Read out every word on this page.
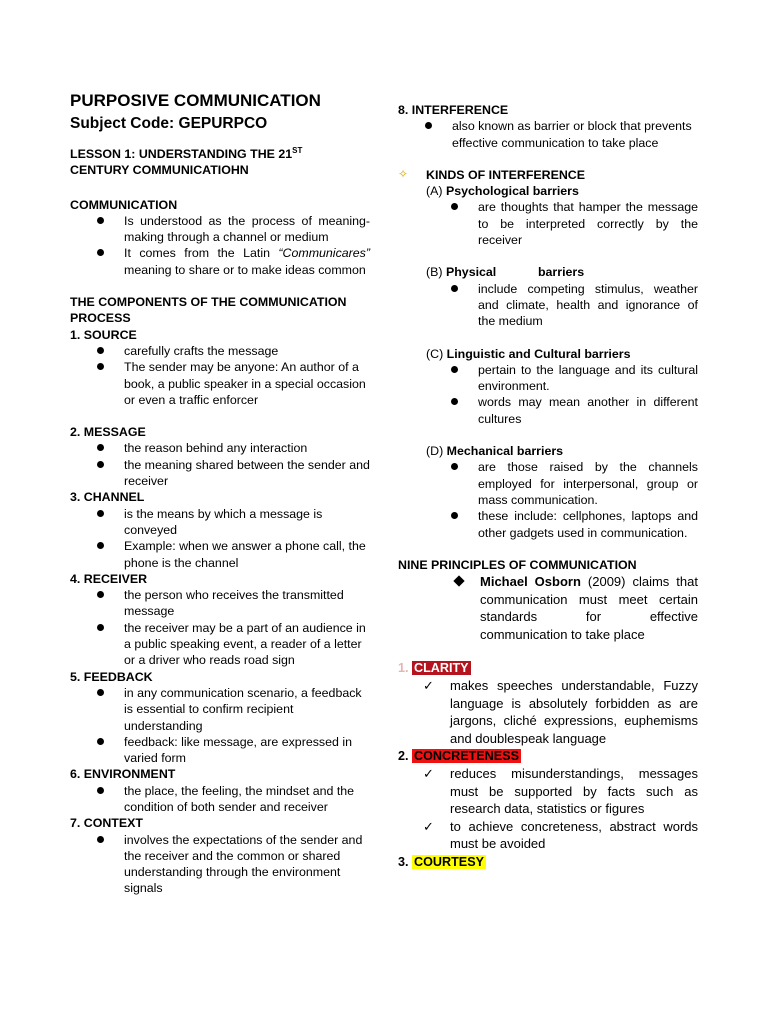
PURPOSIVE COMMUNICATION
Subject Code: GEPURPCO
LESSON 1: UNDERSTANDING THE 21ST
CENTURY COMMUNICATIOHN
COMMUNICATION
Is understood as the process of meaning-making through a channel or medium
It comes from the Latin “Communicares” meaning to share or to make ideas common
THE COMPONENTS OF THE COMMUNICATION PROCESS
1. SOURCE
carefully crafts the message
The sender may be anyone: An author of a book, a public speaker in a special occasion or even a traffic enforcer
2. MESSAGE
the reason behind any interaction
the meaning shared between the sender and receiver
3. CHANNEL
is the means by which a message is conveyed
Example: when we answer a phone call, the phone is the channel
4. RECEIVER
the person who receives the transmitted message
the receiver may be a part of an audience in a public speaking event, a reader of a letter or a driver who reads road sign
5. FEEDBACK
in any communication scenario, a feedback is essential to confirm recipient understanding
feedback: like message, are expressed in varied form
6. ENVIRONMENT
the place, the feeling, the mindset and the condition of both sender and receiver
7. CONTEXT
involves the expectations of the sender and the receiver and the common or shared understanding through the environment signals
8. INTERFERENCE
also known as barrier or block that prevents effective communication to take place
✧ KINDS OF INTERFERENCE
(A) Psychological barriers
are thoughts that hamper the message to be interpreted correctly by the receiver
(B) Physical	barriers
include competing stimulus, weather and climate, health and ignorance of the medium
(C) Linguistic and Cultural barriers
pertain to the language and its cultural environment.
words may mean another in different cultures
(D) Mechanical barriers
are those raised by the channels employed for interpersonal, group or mass communication.
these include: cellphones, laptops and other gadgets used in communication.
NINE PRINCIPLES OF COMMUNICATION
Michael Osborn (2009) claims that communication must meet certain standards for effective communication to take place
1. CLARITY
✓ makes speeches understandable, Fuzzy language is absolutely forbidden as are jargons, cliché expressions, euphemisms and doublespeak language
2. CONCRETENESS
✓ reduces misunderstandings, messages must be supported by facts such as research data, statistics or figures
✓ to achieve concreteness, abstract words must be avoided
3. COURTESY
